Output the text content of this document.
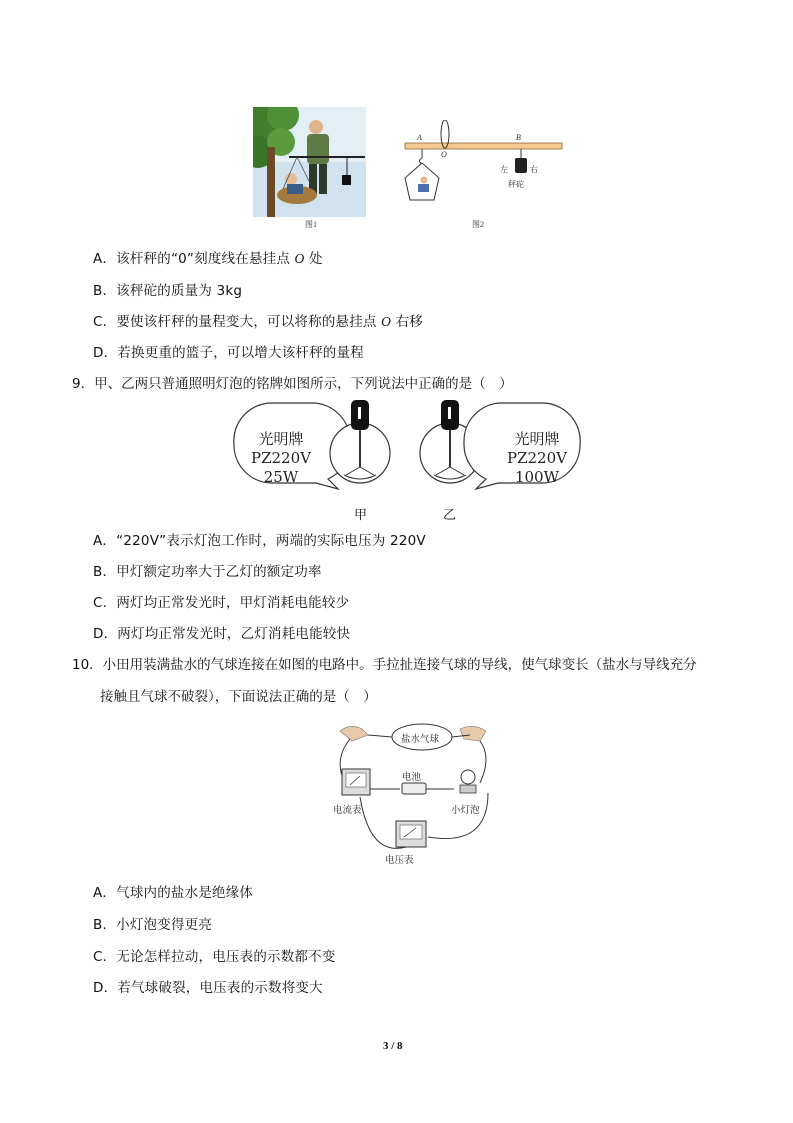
图1
A
O
B
左	右
秤砣
图2
A．该杆秤的“0”刻度线在悬挂点 O 处
B．该秤砣的质量为 3kg
C．要使该杆秤的量程变大，可以将称的悬挂点 O 右移
D．若换更重的篮子，可以增大该杆秤的量程
9．甲、乙两只普通照明灯泡的铭牌如图所示，下列说法中正确的是（　）
光明牌
PZ220V
25W
光明牌
PZ220V
100W
甲	乙
A．“220V”表示灯泡工作时，两端的实际电压为 220V
B．甲灯额定功率大于乙灯的额定功率
C．两灯均正常发光时，甲灯消耗电能较少
D．两灯均正常发光时，乙灯消耗电能较快
10．小田用装满盐水的气球连接在如图的电路中。手拉扯连接气球的导线，使气球变长（盐水与导线充分
接触且气球不破裂），下面说法正确的是（　）
盐水气球
电池
电流表	小灯泡
电压表
A．气球内的盐水是绝缘体
B．小灯泡变得更亮
C．无论怎样拉动，电压表的示数都不变
D．若气球破裂，电压表的示数将变大
3 / 8
